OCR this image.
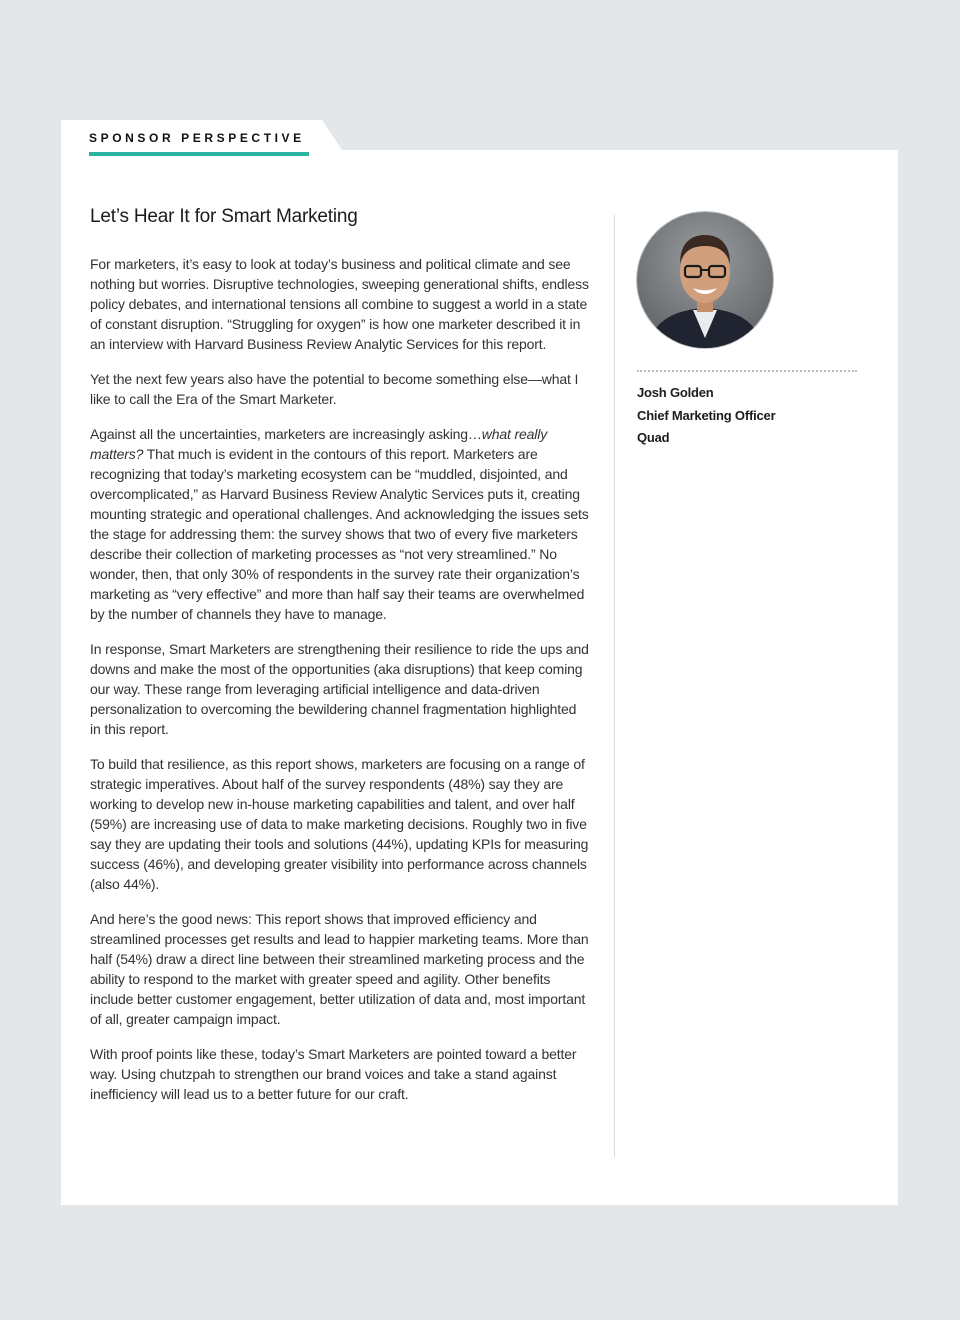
SPONSOR PERSPECTIVE
Let’s Hear It for Smart Marketing

For marketers, it’s easy to look at today’s business and political climate and see nothing but worries. Disruptive technologies, sweeping generational shifts, endless policy debates, and international tensions all combine to suggest a world in a state of constant disruption. “Struggling for oxygen” is how one marketer described it in an interview with Harvard Business Review Analytic Services for this report.

Yet the next few years also have the potential to become something else—what I like to call the Era of the Smart Marketer.

Against all the uncertainties, marketers are increasingly asking…what really matters? That much is evident in the contours of this report. Marketers are recognizing that today’s marketing ecosystem can be “muddled, disjointed, and overcomplicated,” as Harvard Business Review Analytic Services puts it, creating mounting strategic and operational challenges. And acknowledging the issues sets the stage for addressing them: the survey shows that two of every five marketers describe their collection of marketing processes as “not very streamlined.” No wonder, then, that only 30% of respondents in the survey rate their organization’s marketing as “very effective” and more than half say their teams are overwhelmed by the number of channels they have to manage.

In response, Smart Marketers are strengthening their resilience to ride the ups and downs and make the most of the opportunities (aka disruptions) that keep coming our way. These range from leveraging artificial intelligence and data-driven personalization to overcoming the bewildering channel fragmentation highlighted in this report.

To build that resilience, as this report shows, marketers are focusing on a range of strategic imperatives. About half of the survey respondents (48%) say they are working to develop new in-house marketing capabilities and talent, and over half (59%) are increasing use of data to make marketing decisions. Roughly two in five say they are updating their tools and solutions (44%), updating KPIs for measuring success (46%), and developing greater visibility into performance across channels (also 44%).

And here’s the good news: This report shows that improved efficiency and streamlined processes get results and lead to happier marketing teams. More than half (54%) draw a direct line between their streamlined marketing process and the ability to respond to the market with greater speed and agility. Other benefits include better customer engagement, better utilization of data and, most important of all, greater campaign impact.

With proof points like these, today’s Smart Marketers are pointed toward a better way. Using chutzpah to strengthen our brand voices and take a stand against inefficiency will lead us to a better future for our craft.

Josh Golden
Chief Marketing Officer
Quad
